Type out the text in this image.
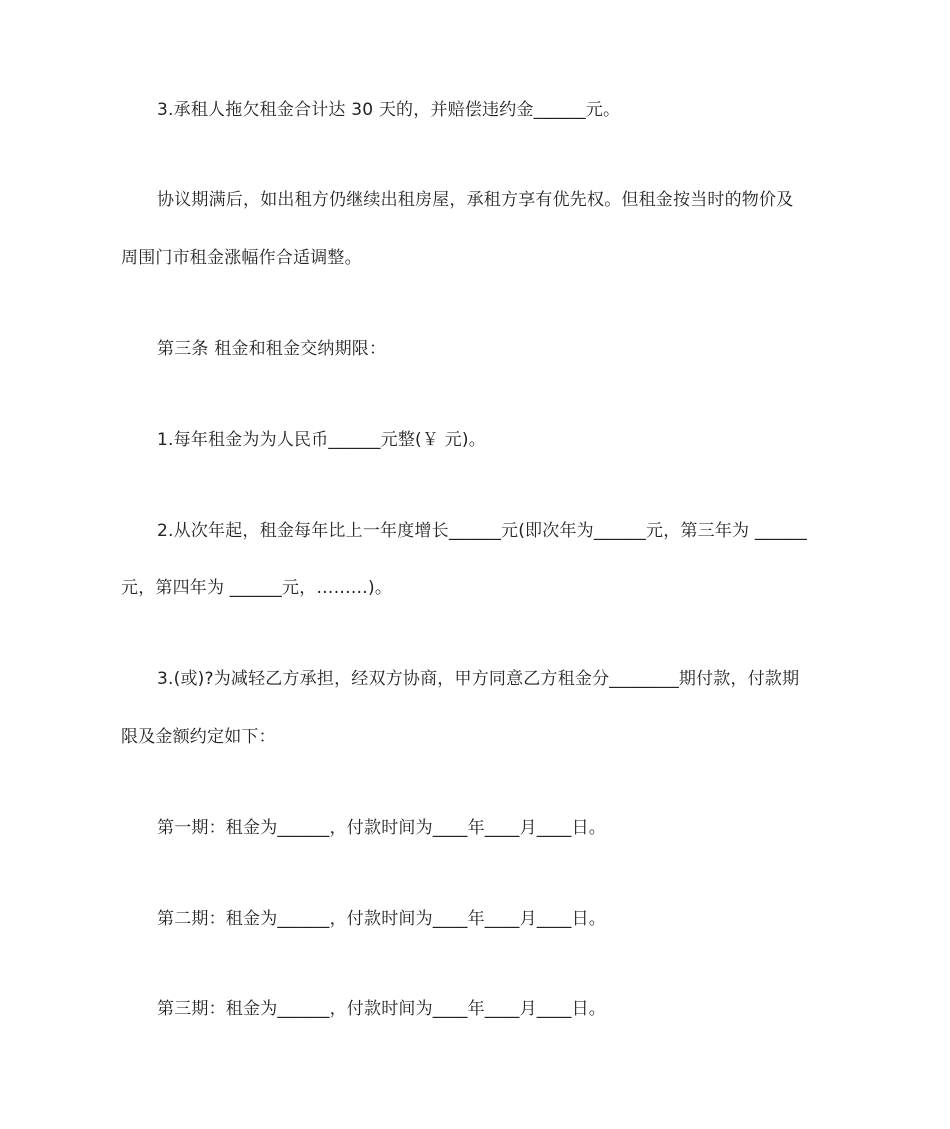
3.承租人拖欠租金合计达 30 天的，并赔偿违约金______元。
协议期满后，如出租方仍继续出租房屋，承租方享有优先权。但租金按当时的物价及
周围门市租金涨幅作合适调整。
第三条 租金和租金交纳期限：
1.每年租金为为人民币______元整(￥ 元)。
2.从次年起，租金每年比上一年度增长______元(即次年为______元，第三年为 ______
元，第四年为 ______元，………)。
3.(或)?为减轻乙方承担，经双方协商，甲方同意乙方租金分________期付款，付款期
限及金额约定如下：
第一期：租金为______，付款时间为____年____月____日。
第二期：租金为______，付款时间为____年____月____日。
第三期：租金为______，付款时间为____年____月____日。
